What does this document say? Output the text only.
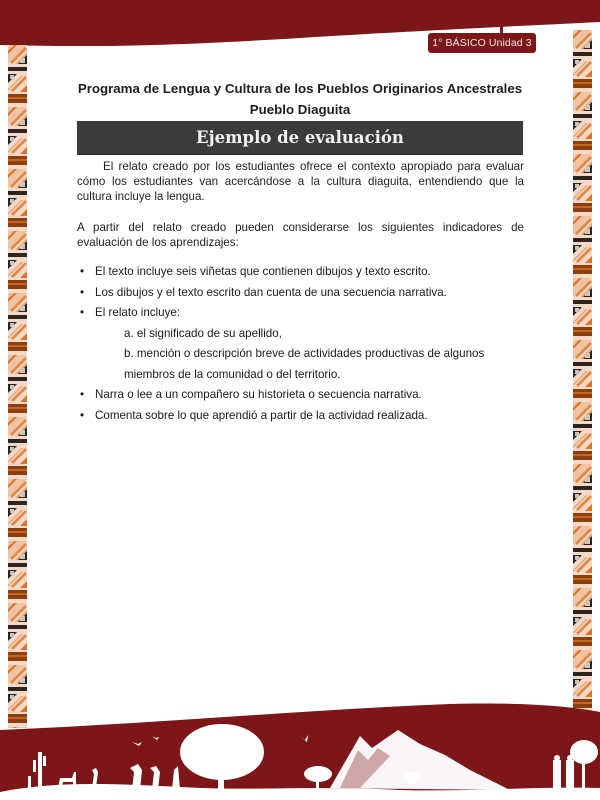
1° BÁSICO Unidad 3
Programa de Lengua y Cultura de los Pueblos Originarios Ancestrales
Pueblo Diaguita
Ejemplo de evaluación

El relato creado por los estudiantes ofrece el contexto apropiado para evaluar cómo los estudiantes van acercándose a la cultura diaguita, entendiendo que la cultura incluye la lengua.

A partir del relato creado pueden considerarse los siguientes indicadores de evaluación de los aprendizajes:

• El texto incluye seis viñetas que contienen dibujos y texto escrito.
• Los dibujos y el texto escrito dan cuenta de una secuencia narrativa.
• El relato incluye:
a. el significado de su apellido,
b. mención o descripción breve de actividades productivas de algunos miembros de la comunidad o del territorio.
• Narra o lee a un compañero su historieta o secuencia narrativa.
• Comenta sobre lo que aprendió a partir de la actividad realizada.
